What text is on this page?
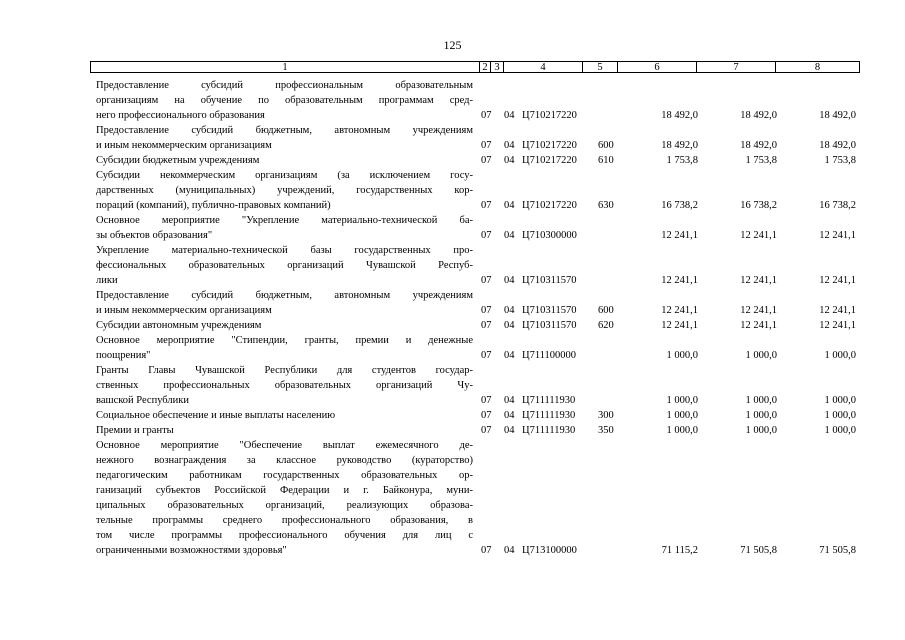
125
1	2 3	4	5	6	7	8
Предоставление субсидий профессиональным образовательным
организациям на обучение по образовательным программам сред-
него профессионального образования	07 04 Ц710217220	18 492,0	18 492,0	18 492,0
Предоставление субсидий бюджетным, автономным учреждениям
и иным некоммерческим организациям	07 04 Ц710217220 600	18 492,0	18 492,0	18 492,0
Субсидии бюджетным учреждениям	07 04 Ц710217220 610	1 753,8	1 753,8	1 753,8
Субсидии некоммерческим организациям (за исключением госу-
дарственных (муниципальных) учреждений, государственных кор-
пораций (компаний), публично-правовых компаний)	07 04 Ц710217220 630	16 738,2	16 738,2	16 738,2
Основное мероприятие "Укрепление материально-технической ба-
зы объектов образования"	07 04 Ц710300000	12 241,1	12 241,1	12 241,1
Укрепление материально-технической базы государственных про-
фессиональных образовательных организаций Чувашской Респуб-
лики	07 04 Ц710311570	12 241,1	12 241,1	12 241,1
Предоставление субсидий бюджетным, автономным учреждениям
и иным некоммерческим организациям	07 04 Ц710311570 600	12 241,1	12 241,1	12 241,1
Субсидии автономным учреждениям	07 04 Ц710311570 620	12 241,1	12 241,1	12 241,1
Основное мероприятие "Стипендии, гранты, премии и денежные
поощрения"	07 04 Ц711100000	1 000,0	1 000,0	1 000,0
Гранты Главы Чувашской Республики для студентов государ-
ственных профессиональных образовательных организаций Чу-
вашской Республики	07 04 Ц711111930	1 000,0	1 000,0	1 000,0
Социальное обеспечение и иные выплаты населению	07 04 Ц711111930 300	1 000,0	1 000,0	1 000,0
Премии и гранты	07 04 Ц711111930 350	1 000,0	1 000,0	1 000,0
Основное мероприятие "Обеспечение выплат ежемесячного де-
нежного вознаграждения за классное руководство (кураторство)
педагогическим работникам государственных образовательных ор-
ганизаций субъектов Российской Федерации и г. Байконура, муни-
ципальных образовательных организаций, реализующих образова-
тельные программы среднего профессионального образования, в
том числе программы профессионального обучения для лиц с
ограниченными возможностями здоровья"	07 04 Ц713100000	71 115,2	71 505,8	71 505,8
